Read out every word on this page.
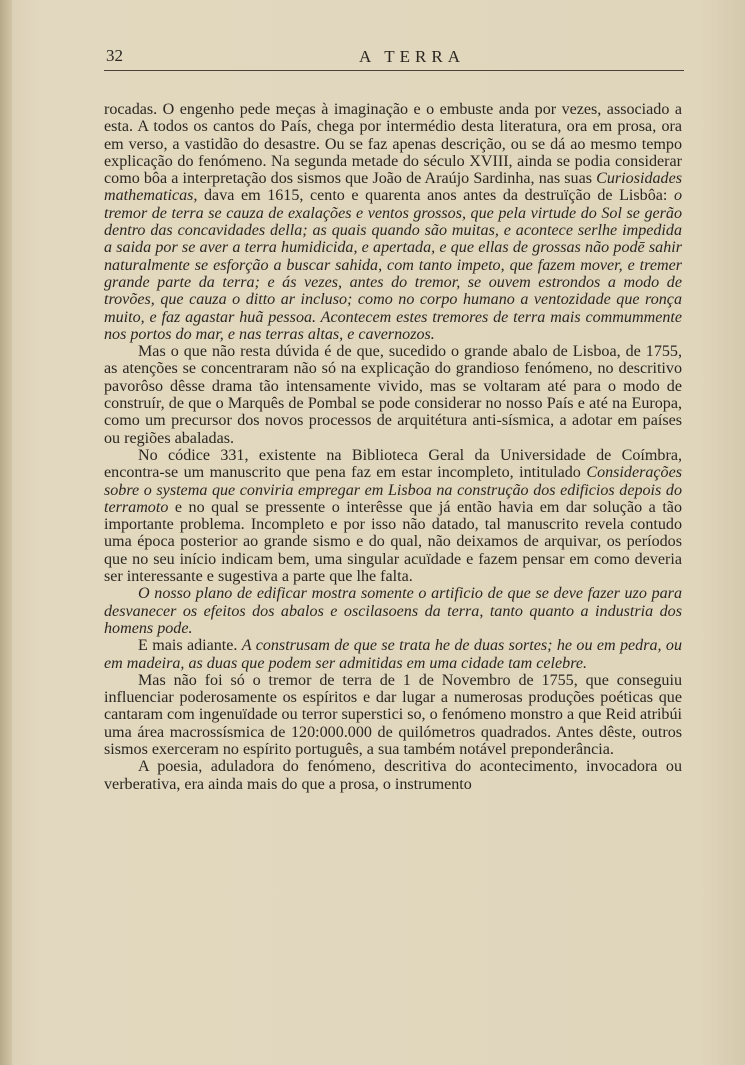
32	A TERRA

rocadas. O engenho pede meças à imaginação e o embuste anda por vezes, associado a esta. A todos os cantos do País, chega por intermédio desta literatura, ora em prosa, ora em verso, a vastidão do desastre. Ou se faz apenas descrição, ou se dá ao mesmo tempo explicação do fenómeno. Na segunda metade do século XVIII, ainda se podia considerar como bôa a interpretação dos sismos que João de Araújo Sardinha, nas suas Curiosidades mathematicas, dava em 1615, cento e quarenta anos antes da destruïção de Lisbôa: o tremor de terra se cauza de exalações e ventos grossos, que pela virtude do Sol se gerão dentro das concavidades della; as quais quando são muitas, e acontece serlhe impedida a saida por se aver a terra humidicida, e apertada, e que ellas de grossas não podē sahir naturalmente se esforção a buscar sahida, com tanto impeto, que fazem mover, e tremer grande parte da terra; e ás vezes, antes do tremor, se ouvem estrondos a modo de trovões, que cauza o ditto ar incluso; como no corpo humano a ventozidade que ronça muito, e faz agastar huã pessoa. Acontecem estes tremores de terra mais commummente nos portos do mar, e nas terras altas, e cavernozos.

Mas o que não resta dúvida é de que, sucedido o grande abalo de Lisboa, de 1755, as atenções se concentraram não só na explicação do grandioso fenómeno, no descritivo pavorôso dêsse drama tão intensamente vivido, mas se voltaram até para o modo de construír, de que o Marquês de Pombal se pode considerar no nosso País e até na Europa, como um precursor dos novos processos de arquitétura anti-sísmica, a adotar em países ou regiões abaladas.

No códice 331, existente na Biblioteca Geral da Universidade de Coímbra, encontra-se um manuscrito que pena faz em estar incompleto, intitulado Considerações sobre o systema que conviria empregar em Lisboa na construção dos edificios depois do terramoto e no qual se pressente o interêsse que já então havia em dar solução a tão importante problema. Incompleto e por isso não datado, tal manuscrito revela contudo uma época posterior ao grande sismo e do qual, não deixamos de arquivar, os períodos que no seu início indicam bem, uma singular acuïdade e fazem pensar em como deveria ser interessante e sugestiva a parte que lhe falta.

O nosso plano de edificar mostra somente o artificio de que se deve fazer uzo para desvanecer os efeitos dos abalos e oscilasoens da terra, tanto quanto a industria dos homens pode.

E mais adiante. A construsam de que se trata he de duas sortes; he ou em pedra, ou em madeira, as duas que podem ser admitidas em uma cidade tam celebre.

Mas não foi só o tremor de terra de 1 de Novembro de 1755, que conseguiu influenciar poderosamente os espíritos e dar lugar a numerosas produções poéticas que cantaram com ingenuïdade ou terror superstici so, o fenómeno monstro a que Reid atribúi uma área macrossísmica de 120:000.000 de quilómetros quadrados. Antes dêste, outros sismos exerceram no espírito português, a sua também notável preponderância.

A poesia, aduladora do fenómeno, descritiva do acontecimento, invocadora ou verberativa, era ainda mais do que a prosa, o instrumento
